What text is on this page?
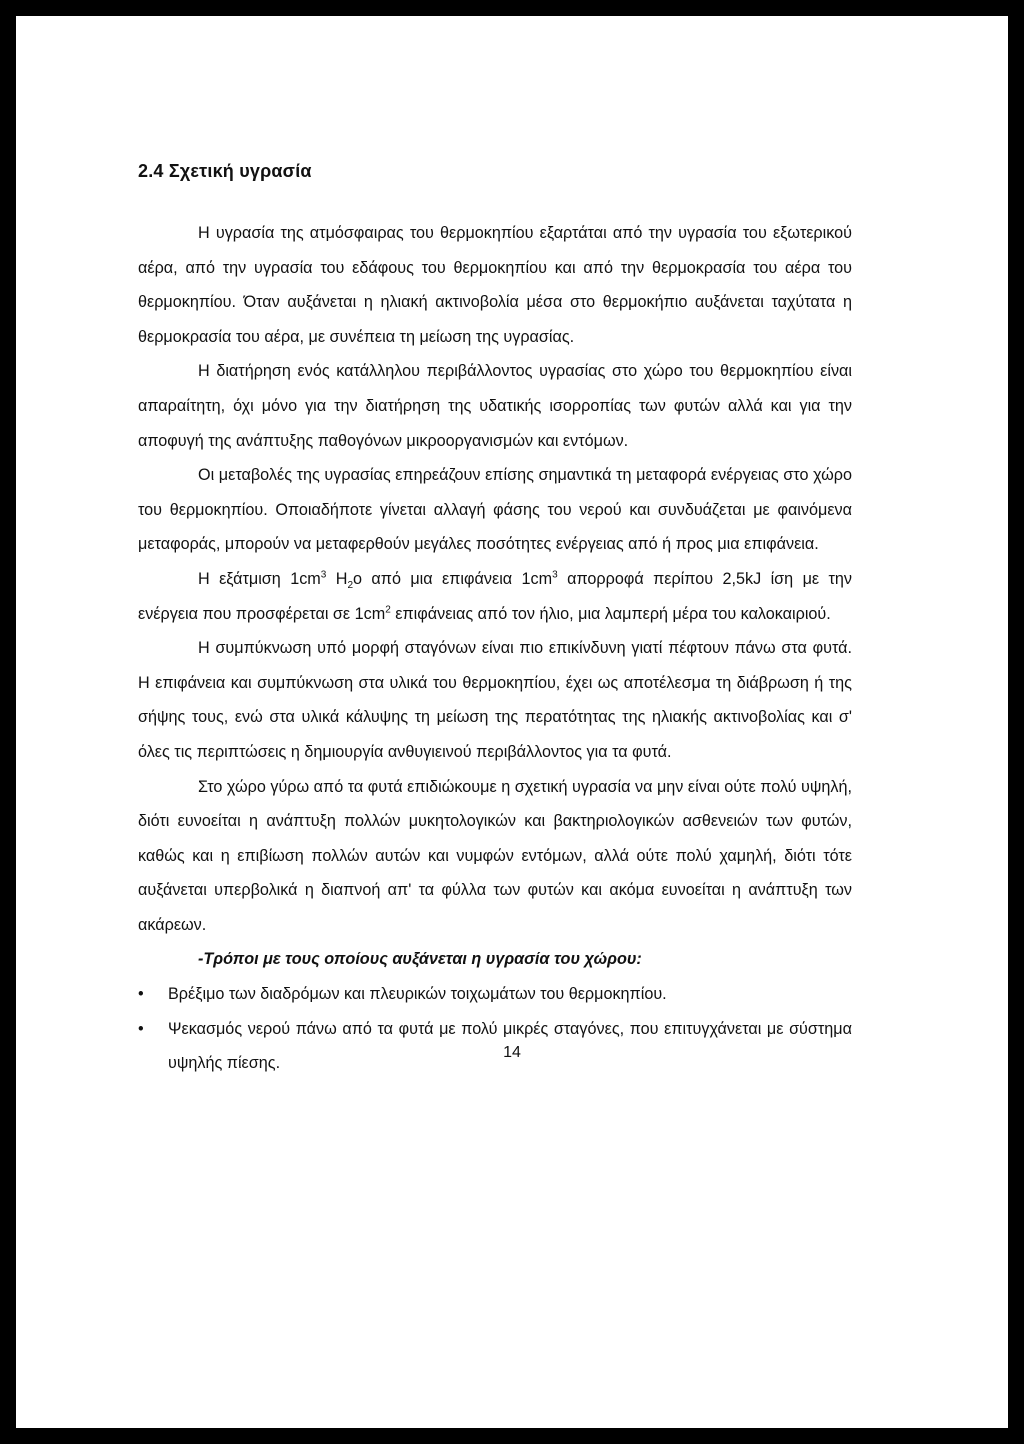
2.4 Σχετική υγρασία

Η υγρασία της ατμόσφαιρας του θερμοκηπίου εξαρτάται από την υγρασία του εξωτερικού αέρα, από την υγρασία του εδάφους του θερμοκηπίου και από την θερμοκρασία του αέρα του θερμοκηπίου. Όταν αυξάνεται η ηλιακή ακτινοβολία μέσα στο θερμοκήπιο αυξάνεται ταχύτατα η θερμοκρασία του αέρα, με συνέπεια τη μείωση της υγρασίας.

Η διατήρηση ενός κατάλληλου περιβάλλοντος υγρασίας στο χώρο του θερμοκηπίου είναι απαραίτητη, όχι μόνο για την διατήρηση της υδατικής ισορροπίας των φυτών αλλά και για την αποφυγή της ανάπτυξης παθογόνων μικροοργανισμών και εντόμων.

Οι μεταβολές της υγρασίας επηρεάζουν επίσης σημαντικά τη μεταφορά ενέργειας στο χώρο του θερμοκηπίου. Οποιαδήποτε γίνεται αλλαγή φάσης του νερού και συνδυάζεται με φαινόμενα μεταφοράς, μπορούν να μεταφερθούν μεγάλες ποσότητες ενέργειας από ή προς μια επιφάνεια.

Η εξάτμιση $1cm^3$ $H_2o$ από μια επιφάνεια $1cm^3$ απορροφά περίπου 2,5kJ ίση με την ενέργεια που προσφέρεται σε $1cm^2$ επιφάνειας από τον ήλιο, μια λαμπερή μέρα του καλοκαιριού.

Η συμπύκνωση υπό μορφή σταγόνων είναι πιο επικίνδυνη γιατί πέφτουν πάνω στα φυτά. Η επιφάνεια και συμπύκνωση στα υλικά του θερμοκηπίου, έχει ως αποτέλεσμα τη διάβρωση ή της σήψης τους, ενώ στα υλικά κάλυψης τη μείωση της περατότητας της ηλιακής ακτινοβολίας και σ' όλες τις περιπτώσεις η δημιουργία ανθυγιεινού περιβάλλοντος για τα φυτά.

Στο χώρο γύρω από τα φυτά επιδιώκουμε η σχετική υγρασία να μην είναι ούτε πολύ υψηλή, διότι ευνοείται η ανάπτυξη πολλών μυκητολογικών και βακτηριολογικών ασθενειών των φυτών, καθώς και η επιβίωση πολλών αυτών και νυμφών εντόμων, αλλά ούτε πολύ χαμηλή, διότι τότε αυξάνεται υπερβολικά η διαπνοή απ' τα φύλλα των φυτών και ακόμα ευνοείται η ανάπτυξη των ακάρεων.

-Τρόποι με τους οποίους αυξάνεται η υγρασία του χώρου:

• Βρέξιμο των διαδρόμων και πλευρικών τοιχωμάτων του θερμοκηπίου.
• Ψεκασμός νερού πάνω από τα φυτά με πολύ μικρές σταγόνες, που επιτυγχάνεται με σύστημα υψηλής πίεσης.
14
